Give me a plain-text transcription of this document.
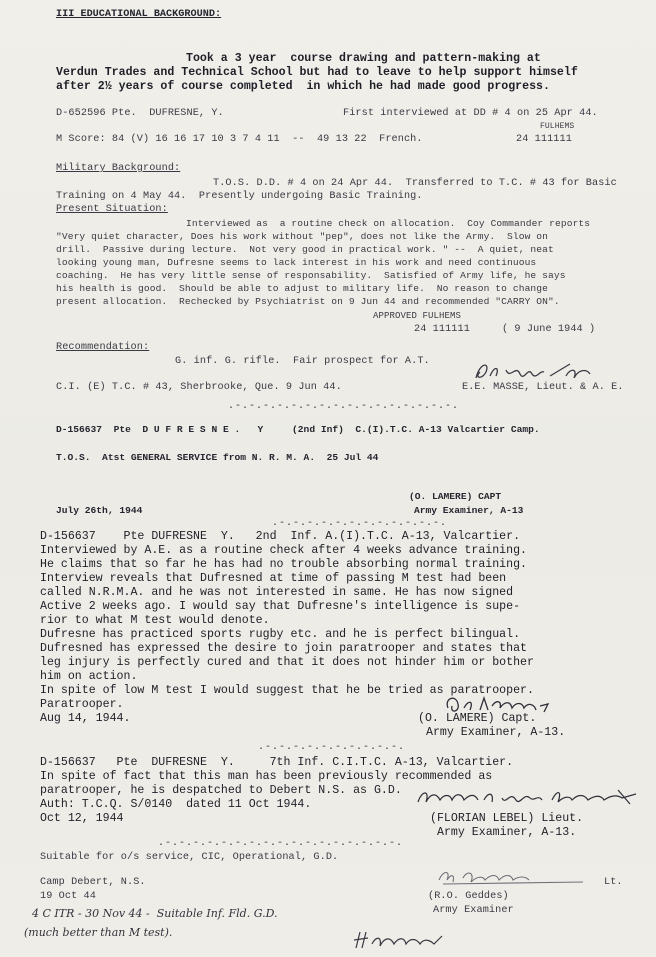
III EDUCATIONAL BACKGROUND:
Took a 3 year  course drawing and pattern-making at
Verdun Trades and Technical School but had to leave to help support himself
after 2½ years of course completed  in which he had made good progress.
D-652596 Pte.  DUFRESNE, Y.	First interviewed at DD # 4 on 25 Apr 44.
FULHEMS
M Score: 84 (V) 16 16 17 10 3 7 4 11  --  49 13 22  French.	24 111111
Military Background:
T.O.S. D.D. # 4 on 24 Apr 44.  Transferred to T.C. # 43 for Basic
Training on 4 May 44.  Presently undergoing Basic Training.
Present Situation:
Interviewed as  a routine check on allocation.  Coy Commander reports
"Very quiet character, Does his work without "pep", does not like the Army.  Slow on
drill.  Passive during lecture.  Not very good in practical work. " --  A quiet, neat
looking young man, Dufresne seems to lack interest in his work and need continuous
coaching.  He has very little sense of responsability.  Satisfied of Army life, he says
his health is good.  Should be able to adjust to military life.  No reason to change
present allocation.  Rechecked by Psychiatrist on 9 Jun 44 and recommended "CARRY ON".
APPROVED FULHEMS
24 111111	( 9 June 1944 )
Recommendation:
G. inf. G. rifle.  Fair prospect for A.T.
C.I. (E) T.C. # 43, Sherbrooke, Que. 9 Jun 44.	E.E. MASSE, Lieut. & A. E.
.-.-.-.-.-.-.-.-.-.-.-.-.-.-.-.-.
D-156637  Pte  D U F R E S N E .   Y     (2nd Inf)  C.(I).T.C. A-13 Valcartier Camp.
T.O.S.  Atst GENERAL SERVICE from N. R. M. A.  25 Jul 44
July 26th, 1944
(O. LAMERE) CAPT
Army Examiner, A-13
.-.-.-.-.-.-.-.-.-.-.-.-.
D-156637    Pte DUFRESNE  Y.   2nd  Inf. A.(I).T.C. A-13, Valcartier.
Interviewed by A.E. as a routine check after 4 weeks advance training.
He claims that so far he has had no trouble absorbing normal training.
Interview reveals that Dufresned at time of passing M test had been
called N.R.M.A. and he was not interested in same. He has now signed
Active 2 weeks ago. I would say that Dufresne's intelligence is supe-
rior to what M test would denote.
Dufresne has practiced sports rugby etc. and he is perfect bilingual.
Dufresned has expressed the desire to join paratrooper and states that
leg injury is perfectly cured and that it does not hinder him or bother
him on action.
In spite of low M test I would suggest that he be tried as paratrooper.
Paratrooper.
Aug 14, 1944.	(O. LAMERE) Capt.
Army Examiner, A-13.
.-.-.-.-.-.-.-.-.-.-.
D-156637   Pte  DUFRESNE  Y.     7th Inf. C.I.T.C. A-13, Valcartier.
In spite of fact that this man has been previously recommended as
paratrooper, he is despatched to Debert N.S. as G.D.
Auth: T.C.Q. S/0140  dated 11 Oct 1944.
Oct 12, 1944	(FLORIAN LEBEL) Lieut.
Army Examiner, A-13.
.-.-.-.-.-.-.-.-.-.-.-.-.-.-.-.-.-.
Suitable for o/s service, CIC, Operational, G.D.
Camp Debert, N.S.
19 Oct 44
Lt.
(R.O. Geddes)
Army Examiner
4 C ITR - 30 Nov 44 -  Suitable Inf. Fld. G.D.
(much better than M test).
